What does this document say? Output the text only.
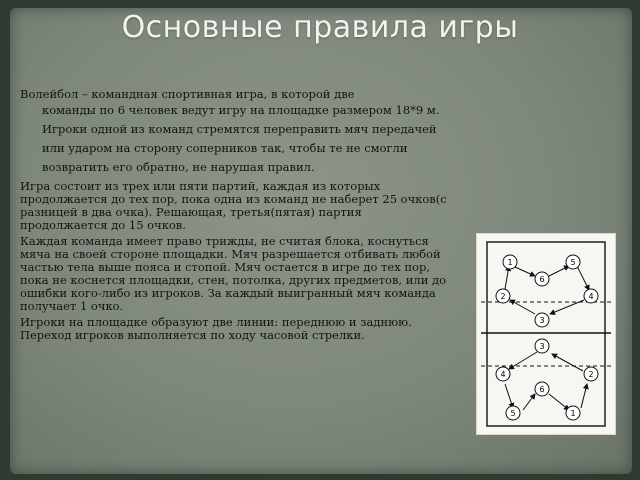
Основные правила игры

Волейбол – командная спортивная игра, в которой две
команды по 6 человек ведут игру на площадке размером 18*9 м. Игроки одной из команд стремятся переправить мяч передачей или ударом на сторону соперников так, чтобы те не смогли возвратить его обратно, не нарушая правил.

Игра состоит из трех или пяти партий, каждая из которых продолжается до тех пор, пока одна из команд не наберет 25 очков(с разницей в два очка). Решающая, третья(пятая) партия продолжается до 15 очков.

Каждая команда имеет право трижды, не считая блока, коснуться мяча на своей стороне площадки. Мяч разрешается отбивать любой частью тела выше пояса и стопой. Мяч остается в игре до тех пор, пока не коснется площадки, стен, потолка, других предметов, или до ошибки кого-либо из игроков. За каждый выигранный мяч команда получает 1 очко.

Игроки на площадке образуют две линии: переднюю и заднюю. Переход игроков выполняется по ходу часовой стрелки.

1	5
6
2	4
3
3
2
4
6
5	1
